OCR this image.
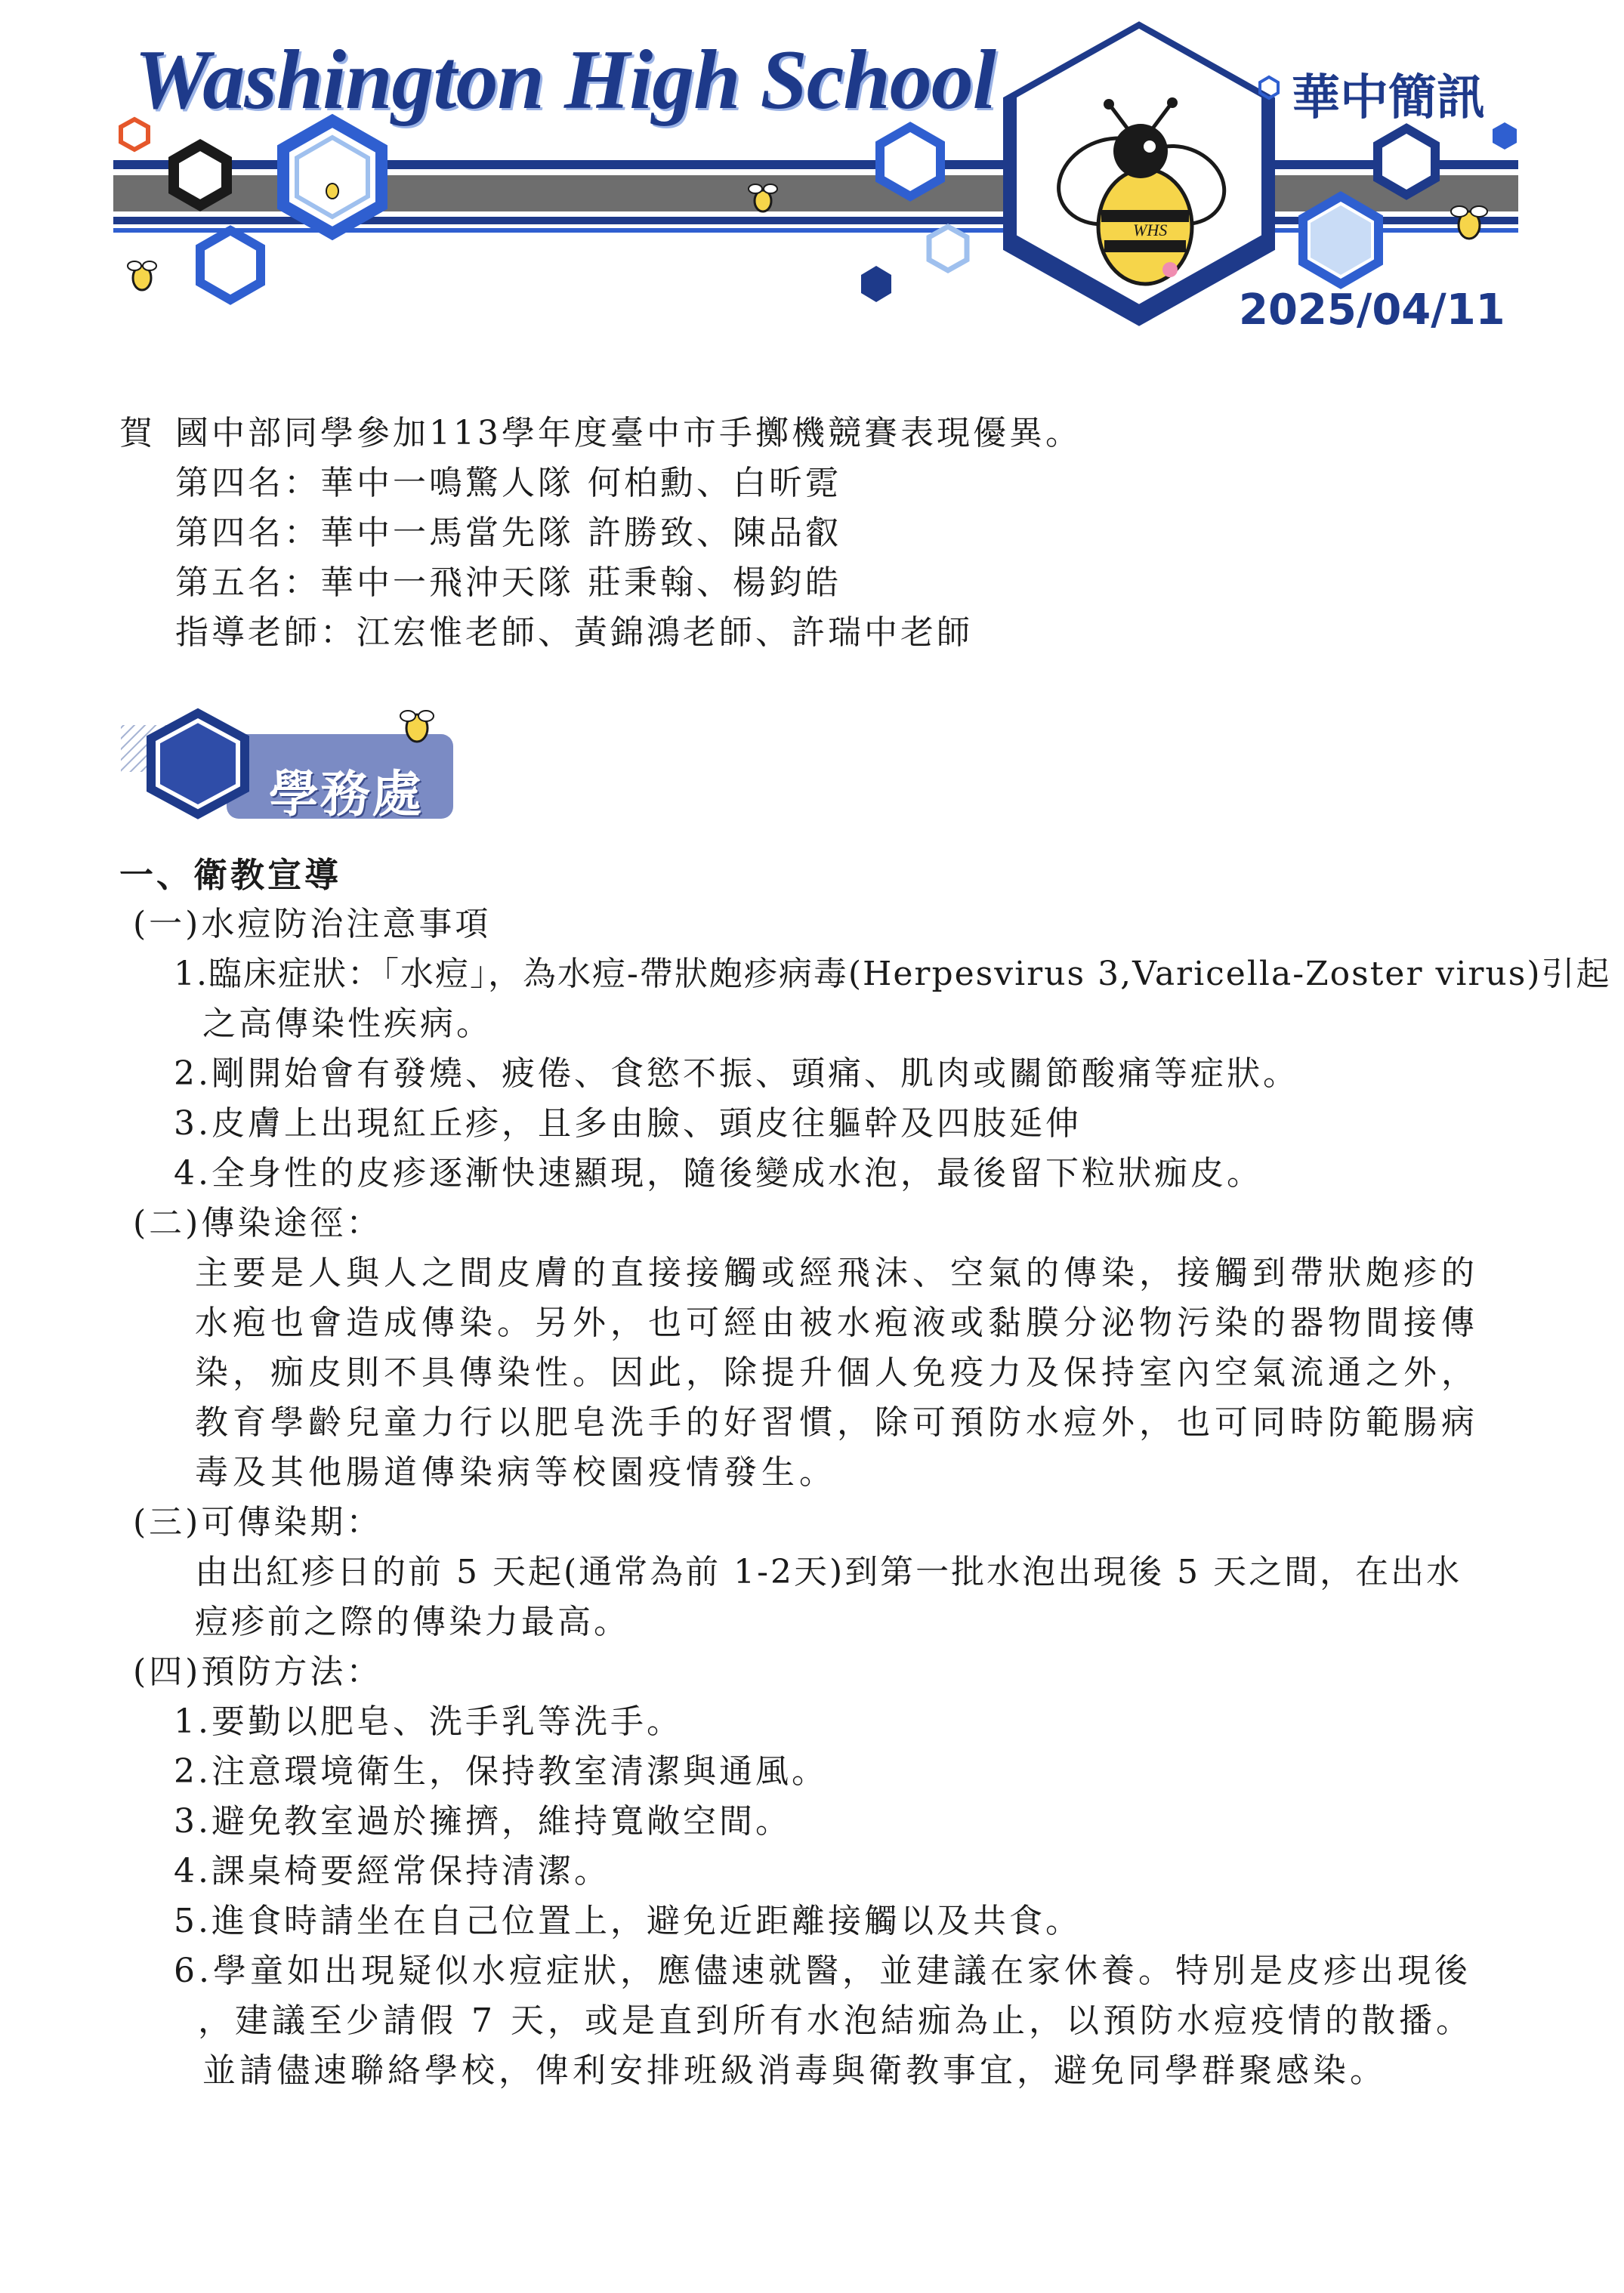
WHS
Washington High School	華中簡訊
2025/04/11
賀 國中部同學參加113學年度臺中市手擲機競賽表現優異。
第四名：華中一鳴驚人隊 何柏勳、白昕霓
第四名：華中一馬當先隊 許勝致、陳品叡
第五名：華中一飛沖天隊 莊秉翰、楊鈞皓
指導老師：江宏惟老師、黃錦鴻老師、許瑞中老師
學務處
一、衛教宣導
(一)水痘防治注意事項
1.臨床症狀：「水痘」，為水痘-帶狀皰疹病毒(Herpesvirus 3,Varicella-Zoster virus)引起
之高傳染性疾病。
2.剛開始會有發燒、疲倦、食慾不振、頭痛、肌肉或關節酸痛等症狀。
3.皮膚上出現紅丘疹，且多由臉、頭皮往軀幹及四肢延伸
4.全身性的皮疹逐漸快速顯現，隨後變成水泡，最後留下粒狀痂皮。
(二)傳染途徑：
主要是人與人之間皮膚的直接接觸或經飛沫、空氣的傳染，接觸到帶狀皰疹的
水疱也會造成傳染。另外，也可經由被水疱液或黏膜分泌物污染的器物間接傳
染，痂皮則不具傳染性。因此，除提升個人免疫力及保持室內空氣流通之外，
教育學齡兒童力行以肥皂洗手的好習慣，除可預防水痘外，也可同時防範腸病
毒及其他腸道傳染病等校園疫情發生。
(三)可傳染期：
由出紅疹日的前 5 天起(通常為前 1-2天)到第一批水泡出現後 5 天之間，在出水
痘疹前之際的傳染力最高。
(四)預防方法：
1.要勤以肥皂、洗手乳等洗手。
2.注意環境衛生，保持教室清潔與通風。
3.避免教室過於擁擠，維持寬敞空間。
4.課桌椅要經常保持清潔。
5.進食時請坐在自己位置上，避免近距離接觸以及共食。
6.學童如出現疑似水痘症狀，應儘速就醫，並建議在家休養。特別是皮疹出現後
，建議至少請假 7 天，或是直到所有水泡結痂為止，以預防水痘疫情的散播。
並請儘速聯絡學校，俾利安排班級消毒與衛教事宜，避免同學群聚感染。
